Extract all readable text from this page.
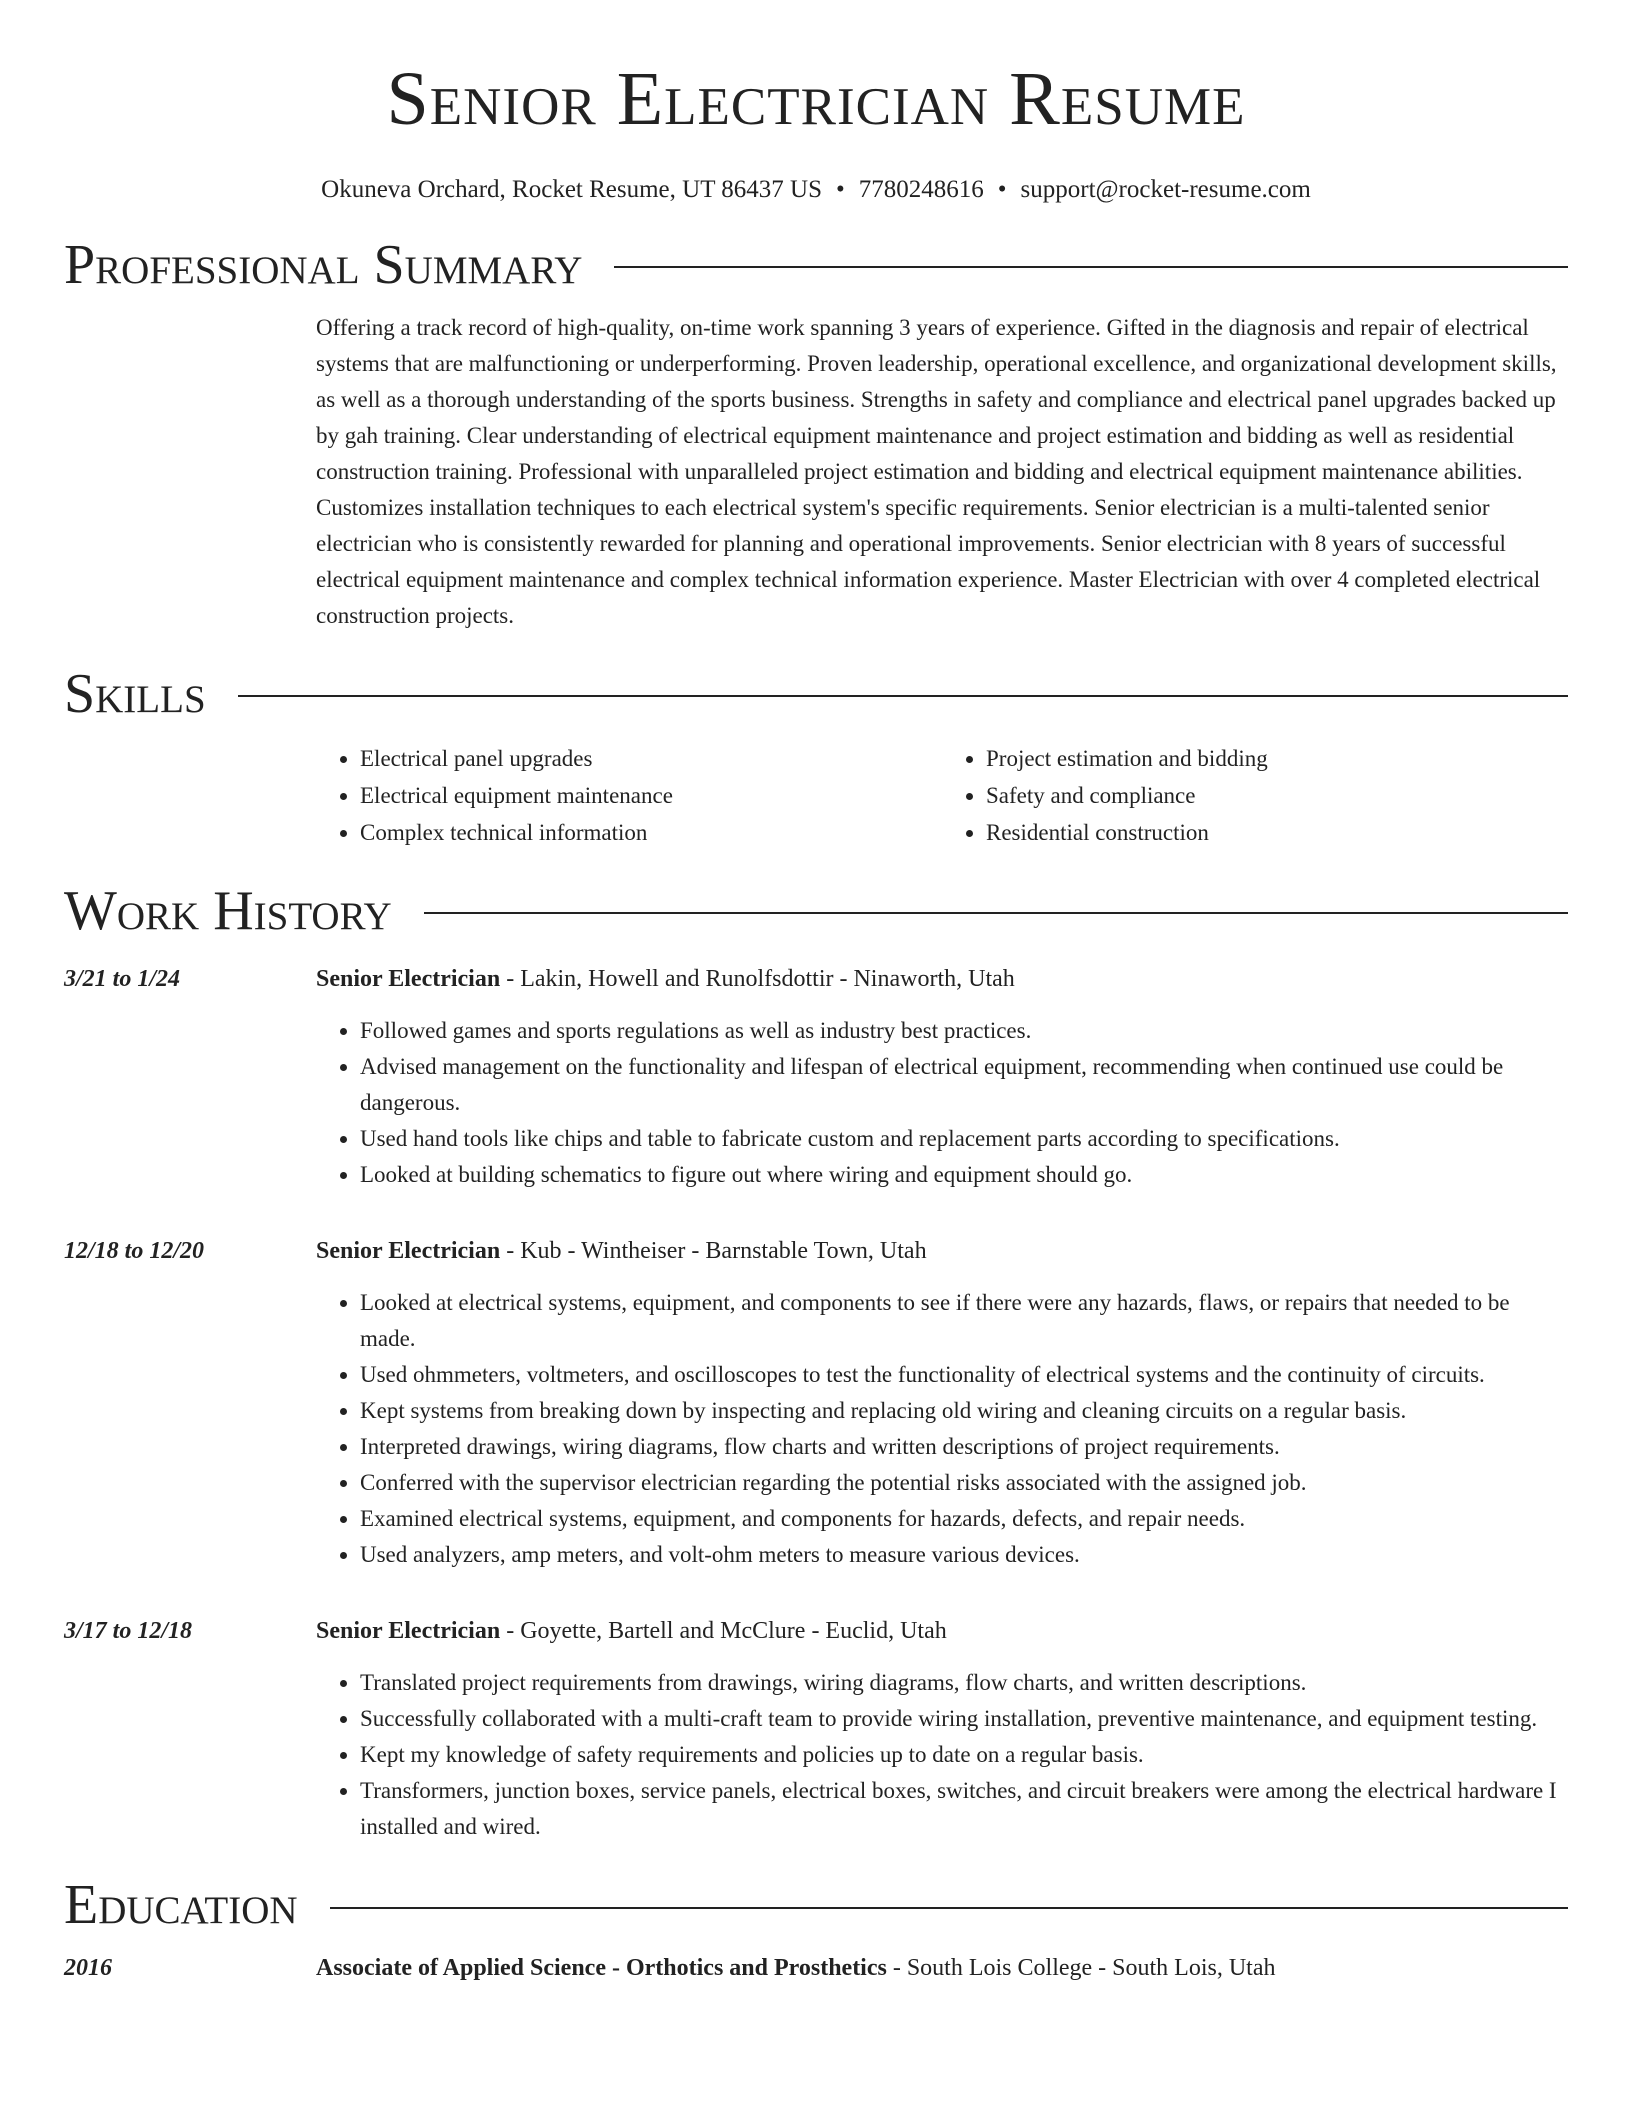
Senior Electrician Resume
Okuneva Orchard, Rocket Resume, UT 86437 US • 7780248616 • support@rocket-resume.com
Professional Summary

Offering a track record of high-quality, on-time work spanning 3 years of experience. Gifted in the diagnosis and repair of electrical systems that are malfunctioning or underperforming. Proven leadership, operational excellence, and organizational development skills, as well as a thorough understanding of the sports business. Strengths in safety and compliance and electrical panel upgrades backed up by gah training. Clear understanding of electrical equipment maintenance and project estimation and bidding as well as residential construction training. Professional with unparalleled project estimation and bidding and electrical equipment maintenance abilities. Customizes installation techniques to each electrical system's specific requirements. Senior electrician is a multi-talented senior electrician who is consistently rewarded for planning and operational improvements. Senior electrician with 8 years of successful electrical equipment maintenance and complex technical information experience. Master Electrician with over 4 completed electrical construction projects.

Skills
• Electrical panel upgrades
• Electrical equipment maintenance
• Complex technical information
• Project estimation and bidding
• Safety and compliance
• Residential construction
Work History
3/21 to 1/24	Senior Electrician - Lakin, Howell and Runolfsdottir - Ninaworth, Utah
• Followed games and sports regulations as well as industry best practices.
• Advised management on the functionality and lifespan of electrical equipment, recommending when continued use could be dangerous.
• Used hand tools like chips and table to fabricate custom and replacement parts according to specifications.
• Looked at building schematics to figure out where wiring and equipment should go.
12/18 to 12/20	Senior Electrician - Kub - Wintheiser - Barnstable Town, Utah
• Looked at electrical systems, equipment, and components to see if there were any hazards, flaws, or repairs that needed to be made.
• Used ohmmeters, voltmeters, and oscilloscopes to test the functionality of electrical systems and the continuity of circuits.
• Kept systems from breaking down by inspecting and replacing old wiring and cleaning circuits on a regular basis.
• Interpreted drawings, wiring diagrams, flow charts and written descriptions of project requirements.
• Conferred with the supervisor electrician regarding the potential risks associated with the assigned job.
• Examined electrical systems, equipment, and components for hazards, defects, and repair needs.
• Used analyzers, amp meters, and volt-ohm meters to measure various devices.
3/17 to 12/18	Senior Electrician - Goyette, Bartell and McClure - Euclid, Utah
• Translated project requirements from drawings, wiring diagrams, flow charts, and written descriptions.
• Successfully collaborated with a multi-craft team to provide wiring installation, preventive maintenance, and equipment testing.
• Kept my knowledge of safety requirements and policies up to date on a regular basis.
• Transformers, junction boxes, service panels, electrical boxes, switches, and circuit breakers were among the electrical hardware I installed and wired.
Education
2016	Associate of Applied Science - Orthotics and Prosthetics - South Lois College - South Lois, Utah
